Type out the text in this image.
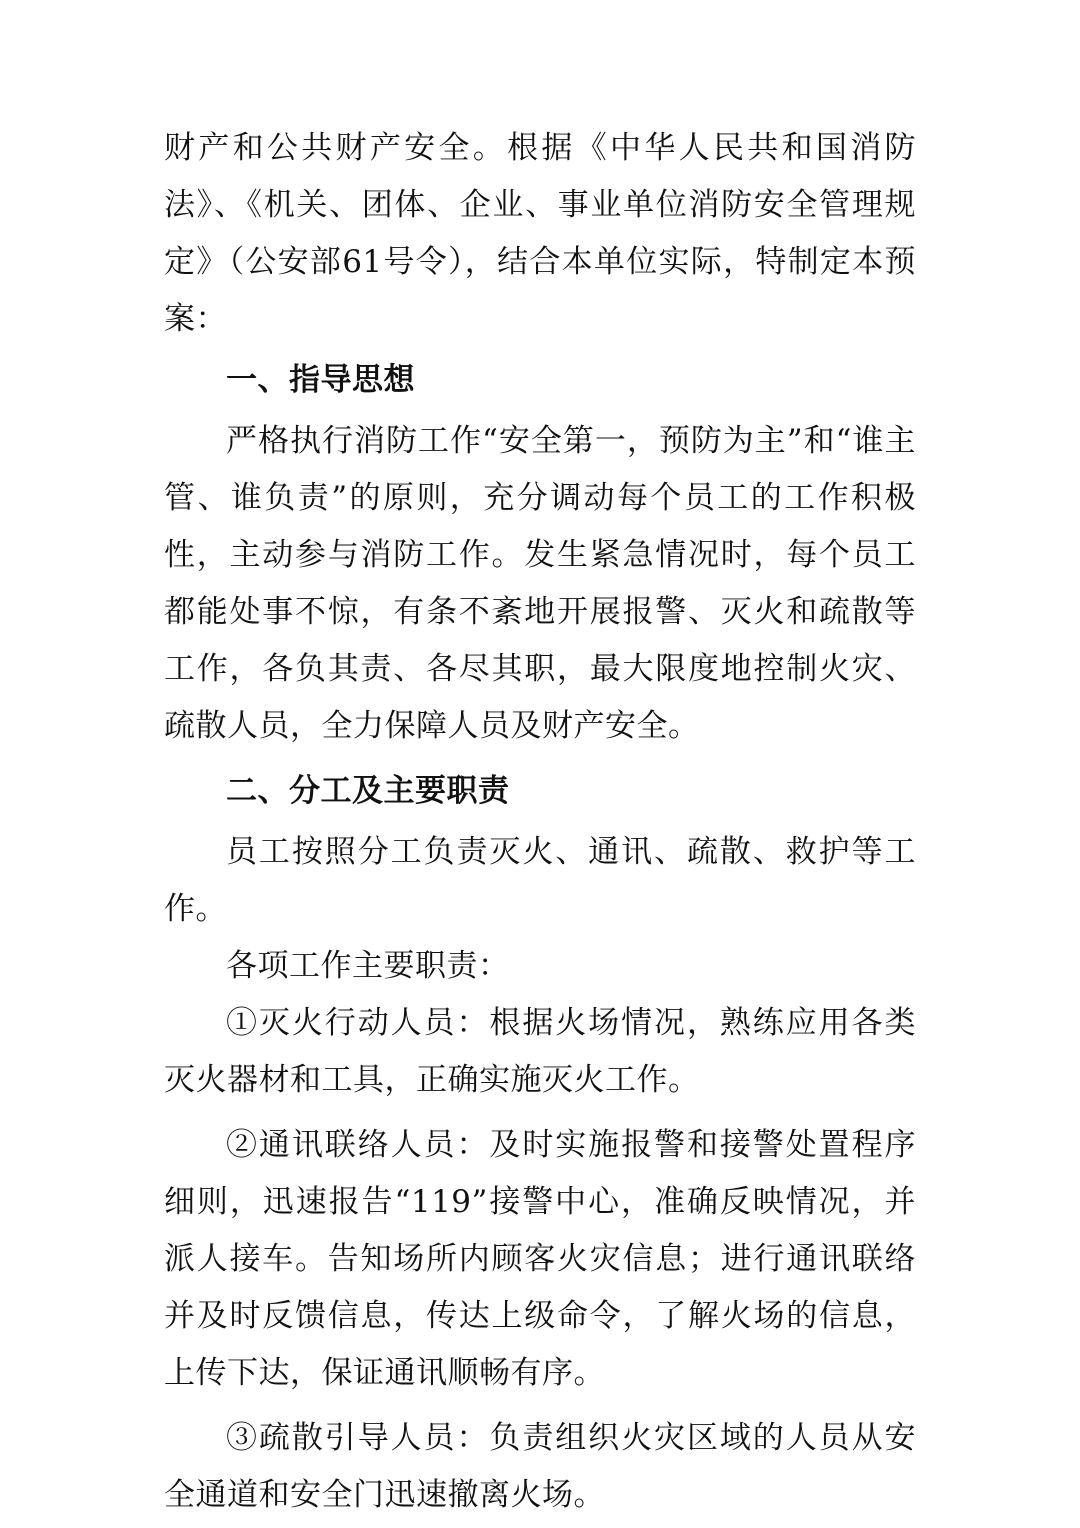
财产和公共财产安全。根据《中华人民共和国消防法》、《机关、团体、企业、事业单位消防安全管理规定》（公安部61号令），结合本单位实际，特制定本预案：

一、指导思想

严格执行消防工作“安全第一，预防为主”和“谁主管、谁负责”的原则，充分调动每个员工的工作积极性，主动参与消防工作。发生紧急情况时，每个员工都能处事不惊，有条不紊地开展报警、灭火和疏散等工作，各负其责、各尽其职，最大限度地控制火灾、疏散人员，全力保障人员及财产安全。

二、分工及主要职责

员工按照分工负责灭火、通讯、疏散、救护等工作。

各项工作主要职责：

①灭火行动人员：根据火场情况，熟练应用各类灭火器材和工具，正确实施灭火工作。

②通讯联络人员：及时实施报警和接警处置程序细则，迅速报告“119”接警中心，准确反映情况，并派人接车。告知场所内顾客火灾信息；进行通讯联络并及时反馈信息，传达上级命令，了解火场的信息，上传下达，保证通讯顺畅有序。

③疏散引导人员：负责组织火灾区域的人员从安全通道和安全门迅速撤离火场。
